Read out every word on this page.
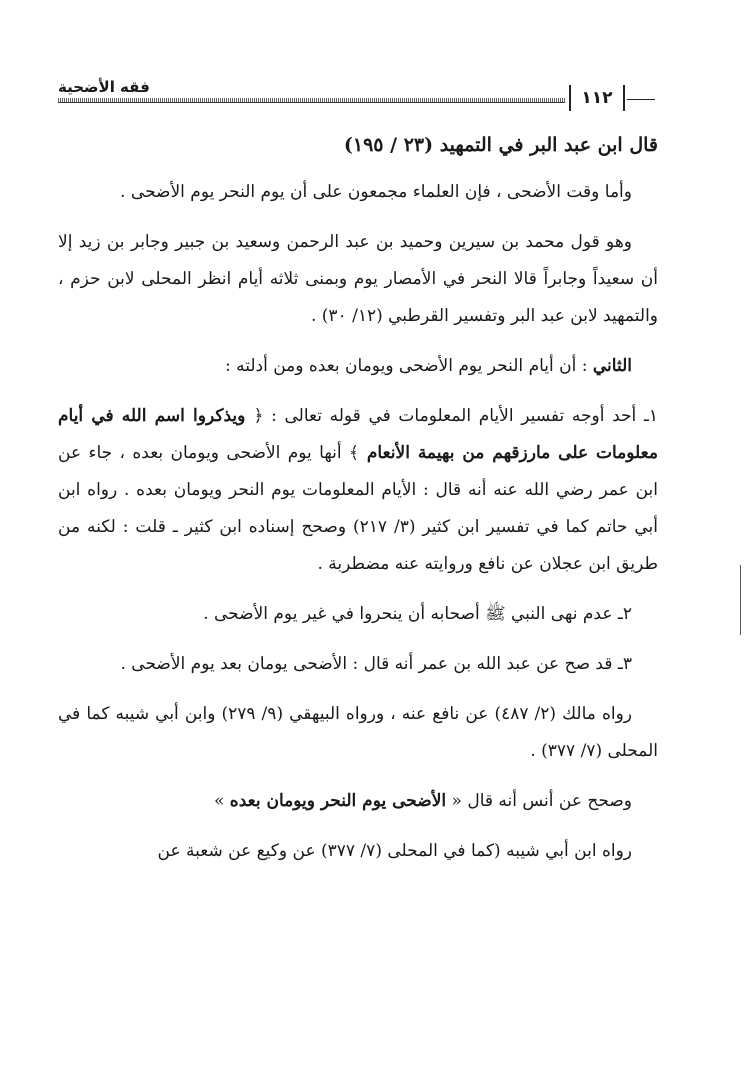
فقه الأضحية
١١٢

قال ابن عبد البر في التمهيد (٢٣ / ١٩٥)

وأما وقت الأضحى ، فإن العلماء مجمعون على أن يوم النحر يوم الأضحى .

وهو قول محمد بن سيرين وحميد بن عبد الرحمن وسعيد بن جبير وجابر بن زيد إلا أن سعيداً وجابراً قالا النحر في الأمصار يوم وبمنى ثلاثه أيام انظر المحلى لابن حزم ، والتمهيد لابن عبد البر وتفسير القرطبي (١٢/ ٣٠) .

الثاني : أن أيام النحر يوم الأضحى ويومان بعده ومن أدلته :

١ـ أحد أوجه تفسير الأيام المعلومات في قوله تعالى : ﴿ ويذكروا اسم الله في أيام معلومات على مارزقهم من بهيمة الأنعام ﴾ أنها يوم الأضحى ويومان بعده ، جاء عن ابن عمر رضي الله عنه أنه قال : الأيام المعلومات يوم النحر ويومان بعده . رواه ابن أبي حاتم كما في تفسير ابن كثير (٣/ ٢١٧) وصحح إسناده ابن كثير ـ قلت : لكنه من طريق ابن عجلان عن نافع وروايته عنه مضطربة .

٢ـ عدم نهى النبي ﷺ أصحابه أن ينحروا في غير يوم الأضحى .

٣ـ قد صح عن عبد الله بن عمر أنه قال : الأضحى يومان بعد يوم الأضحى .

رواه مالك (٢/ ٤٨٧) عن نافع عنه ، ورواه البيهقي (٩/ ٢٧٩) وابن أبي شيبه كما في المحلى (٧/ ٣٧٧) .

وصحح عن أنس أنه قال « الأضحى يوم النحر ويومان بعده »

رواه ابن أبي شيبه (كما في المحلى (٧/ ٣٧٧) عن وكيع عن شعبة عن
